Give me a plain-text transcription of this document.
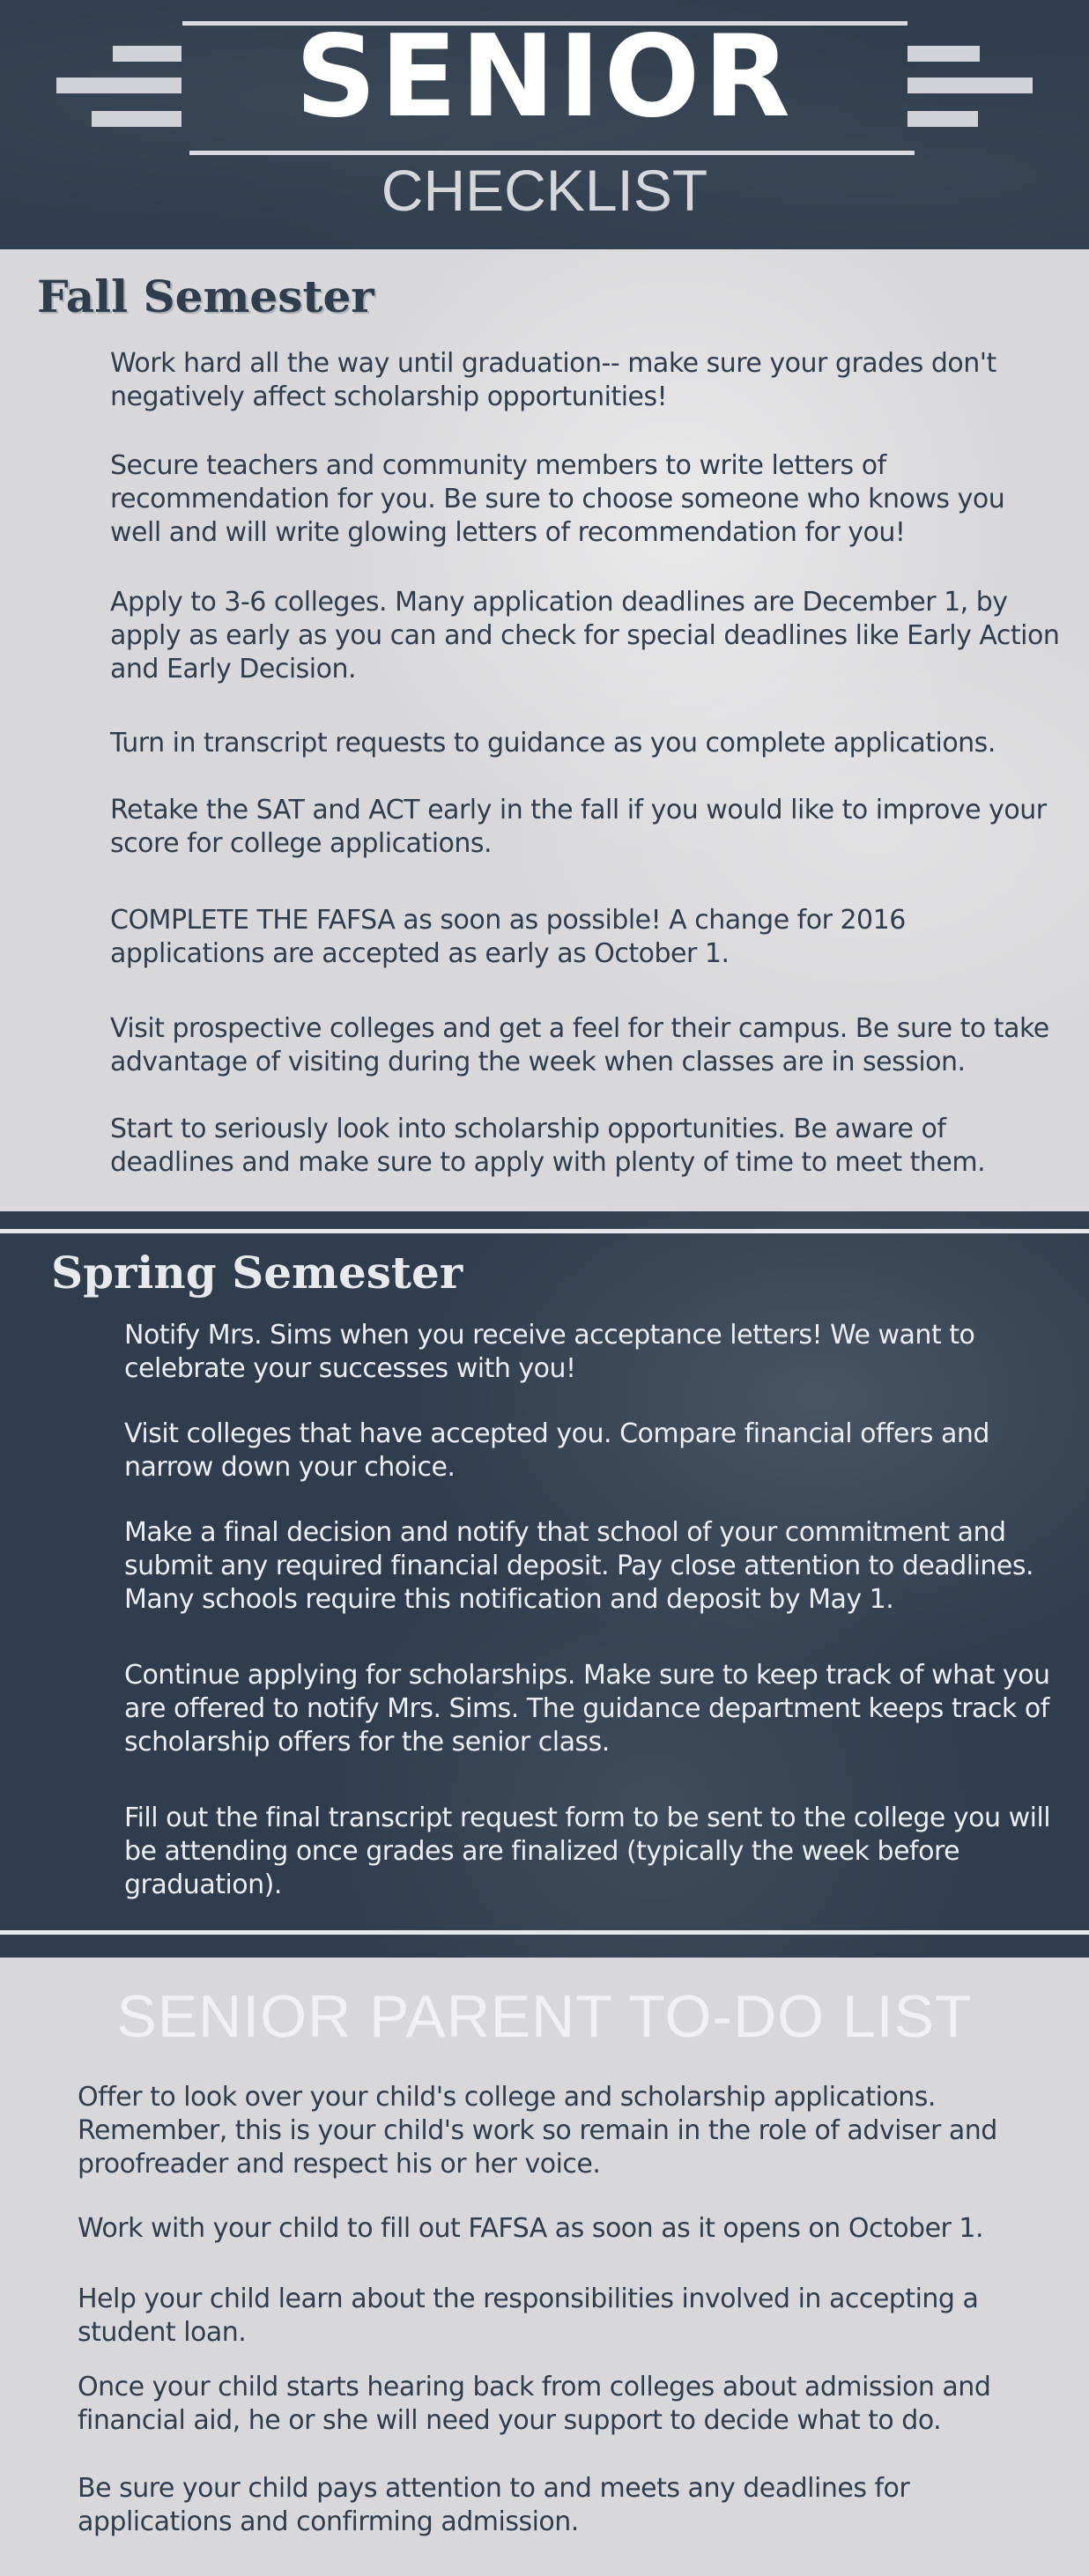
SENIOR
CHECKLIST
Fall Semester

Work hard all the way until graduation-- make sure your grades don't negatively affect scholarship opportunities!

Secure teachers and community members to write letters of recommendation for you. Be sure to choose someone who knows you well and will write glowing letters of recommendation for you!

Apply to 3-6 colleges. Many application deadlines are December 1, by apply as early as you can and check for special deadlines like Early Action and Early Decision.

Turn in transcript requests to guidance as you complete applications.

Retake the SAT and ACT early in the fall if you would like to improve your score for college applications.

COMPLETE THE FAFSA as soon as possible! A change for 2016 applications are accepted as early as October 1.

Visit prospective colleges and get a feel for their campus. Be sure to take advantage of visiting during the week when classes are in session.

Start to seriously look into scholarship opportunities. Be aware of deadlines and make sure to apply with plenty of time to meet them.

Spring Semester

Notify Mrs. Sims when you receive acceptance letters! We want to celebrate your successes with you!

Visit colleges that have accepted you. Compare financial offers and narrow down your choice.

Make a final decision and notify that school of your commitment and submit any required financial deposit. Pay close attention to deadlines. Many schools require this notification and deposit by May 1.

Continue applying for scholarships. Make sure to keep track of what you are offered to notify Mrs. Sims. The guidance department keeps track of scholarship offers for the senior class.

Fill out the final transcript request form to be sent to the college you will be attending once grades are finalized (typically the week before graduation).

SENIOR PARENT TO-DO LIST

Offer to look over your child's college and scholarship applications. Remember, this is your child's work so remain in the role of adviser and proofreader and respect his or her voice.

Work with your child to fill out FAFSA as soon as it opens on October 1.

Help your child learn about the responsibilities involved in accepting a student loan.

Once your child starts hearing back from colleges about admission and financial aid, he or she will need your support to decide what to do.

Be sure your child pays attention to and meets any deadlines for applications and confirming admission.
